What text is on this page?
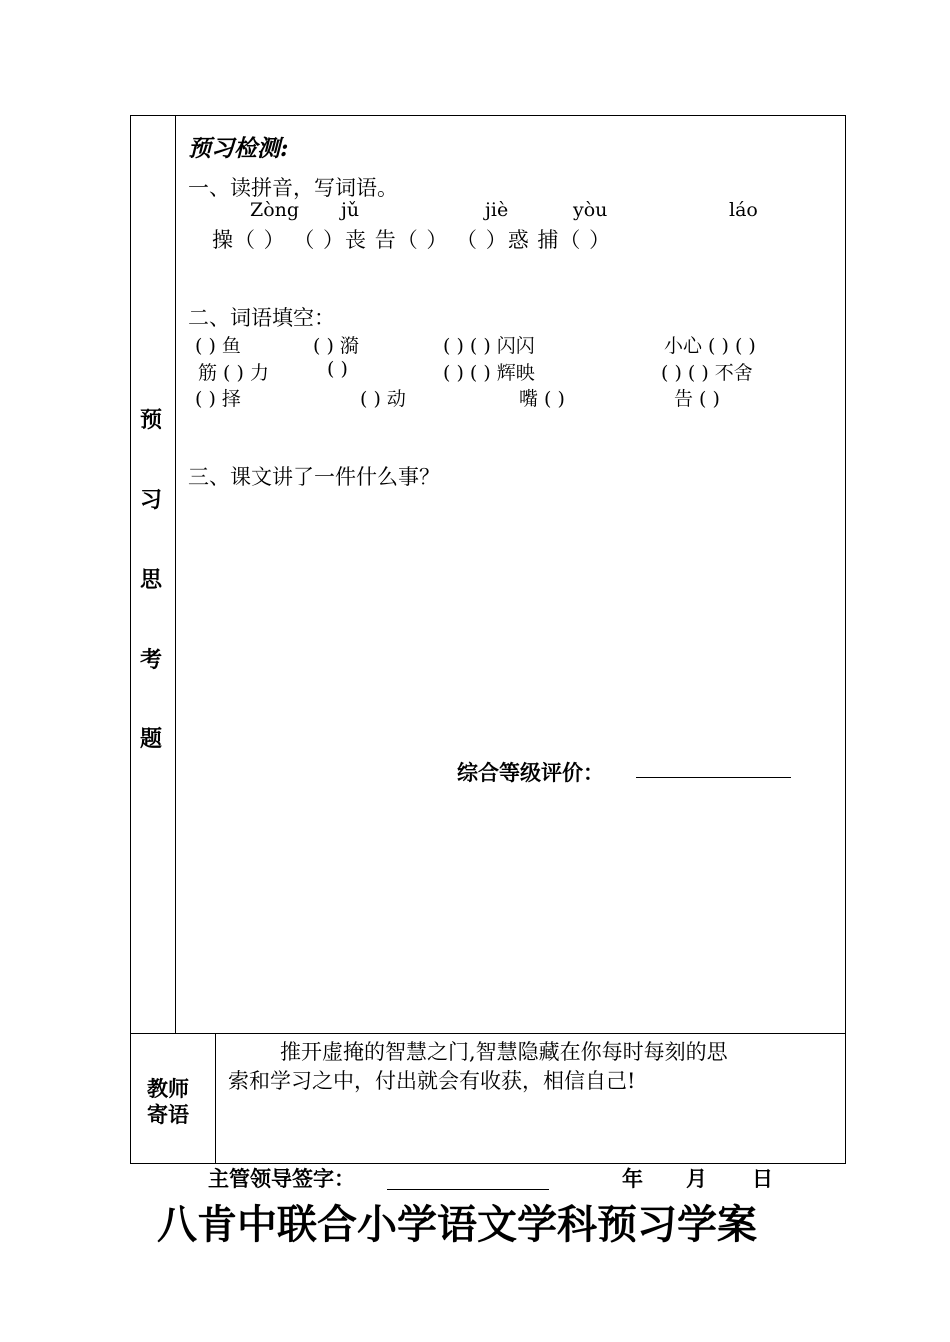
预
习
思
考
题
预习检测:
一、读拼音，写词语。
Zòng jǔ	jiè	yòu	láo
操（ ） （ ）丧 告（ ） （ ）惑 捕（ ）
二、词语填空：
( ) 鱼	( ) 漪	( ) ( ) 闪闪	小心 ( ) ( )
筋 ( ) 力	( )	( ) ( ) 辉映	( ) ( ) 不舍
( ) 择	( ) 动	嘴 ( )	告 ( )
三、课文讲了一件什么事？
综合等级评价：
教师
寄语
推开虚掩的智慧之门,智慧隐藏在你每时每刻的思
索和学习之中，付出就会有收获，相信自己!
主管领导签字：	年 月 日
八肯中联合小学语文学科预习学案
